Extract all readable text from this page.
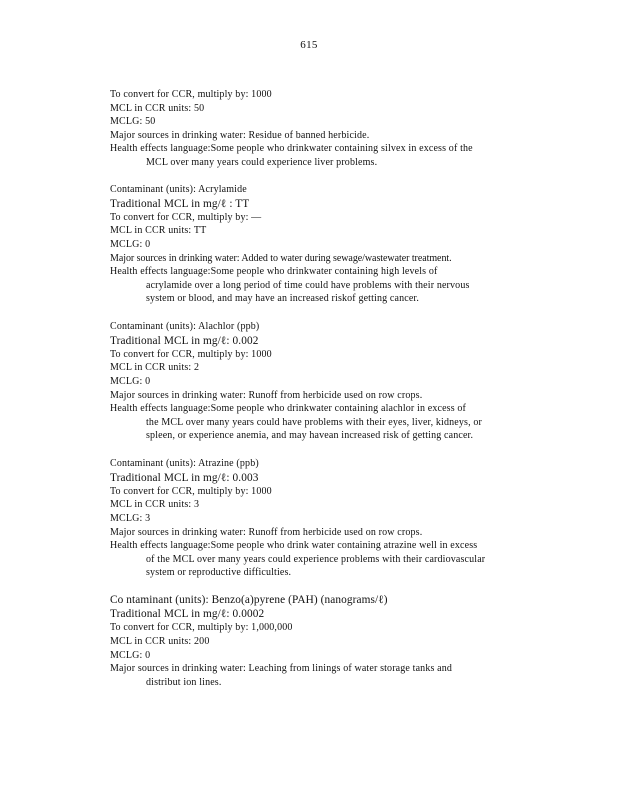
615
To convert for CCR, multiply by: 1000
MCL in CCR units: 50
MCLG: 50
Major sources in drinking water: Residue of banned herbicide.
Health effects language:Some people who drinkwater containing silvex in excess of the
MCL over many years could experience liver problems.
Contaminant (units): Acrylamide
Traditional MCL in mg/ℓ : TT
To convert for CCR, multiply by: —
MCL in CCR units: TT
MCLG: 0
Major sources in drinking water: Added to water during sewage/wastewater treatment.
Health effects language:Some people who drinkwater containing high levels of
acrylamide over a long period of time could have problems with their nervous
system or blood, and may have an increased riskof getting cancer.
Contaminant (units): Alachlor (ppb)
Traditional MCL in mg/ℓ: 0.002
To convert for CCR, multiply by: 1000
MCL in CCR units: 2
MCLG: 0
Major sources in drinking water: Runoff from herbicide used on row crops.
Health effects language:Some people who drinkwater containing alachlor in excess of
the MCL over many years could have problems with their eyes, liver, kidneys, or
spleen, or experience anemia, and may havean increased risk of getting cancer.
Contaminant (units): Atrazine (ppb)
Traditional MCL in mg/ℓ: 0.003
To convert for CCR, multiply by: 1000
MCL in CCR units: 3
MCLG: 3
Major sources in drinking water: Runoff from herbicide used on row crops.
Health effects language:Some people who drink water containing atrazine well in excess
of the MCL over many years could experience problems with their cardiovascular
system or reproductive difficulties.
Co ntaminant (units): Benzo(a)pyrene (PAH) (nanograms/ℓ)
Traditional MCL in mg/ℓ: 0.0002
To convert for CCR, multiply by: 1,000,000
MCL in CCR units: 200
MCLG: 0
Major sources in drinking water: Leaching from linings of water storage tanks and
distribut ion lines.
